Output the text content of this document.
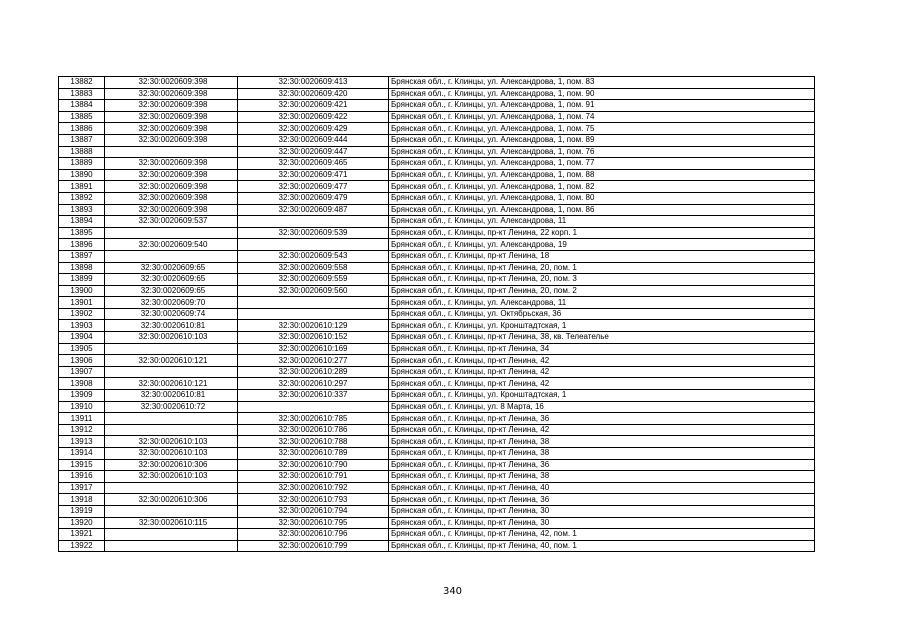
13882	32:30:0020609:398	32:30:0020609:413	Брянская обл., г. Клинцы, ул. Александрова, 1, пом. 83
13883	32:30:0020609:398	32:30:0020609:420	Брянская обл., г. Клинцы, ул. Александрова, 1, пом. 90
13884	32:30:0020609:398	32:30:0020609:421	Брянская обл., г. Клинцы, ул. Александрова, 1, пом. 91
13885	32:30:0020609:398	32:30:0020609:422	Брянская обл., г. Клинцы, ул. Александрова, 1, пом. 74
13886	32:30:0020609:398	32:30:0020609:429	Брянская обл., г. Клинцы, ул. Александрова, 1, пом. 75
13887	32:30:0020609:398	32:30:0020609:444	Брянская обл., г. Клинцы, ул. Александрова, 1, пом. 89
13888		32:30:0020609:447	Брянская обл., г. Клинцы, ул. Александрова, 1, пом. 76
13889	32:30:0020609:398	32:30:0020609:465	Брянская обл., г. Клинцы, ул. Александрова, 1, пом. 77
13890	32:30:0020609:398	32:30:0020609:471	Брянская обл., г. Клинцы, ул. Александрова, 1, пом. 88
13891	32:30:0020609:398	32:30:0020609:477	Брянская обл., г. Клинцы, ул. Александрова, 1, пом. 82
13892	32:30:0020609:398	32:30:0020609:479	Брянская обл., г. Клинцы, ул. Александрова, 1, пом. 80
13893	32:30:0020609:398	32:30:0020609:487	Брянская обл., г. Клинцы, ул. Александрова, 1, пом. 86
13894	32:30:0020609:537		Брянская обл., г. Клинцы, ул. Александрова, 11
13895		32:30:0020609:539	Брянская обл., г. Клинцы, пр-кт Ленина, 22 корп. 1
13896	32:30:0020609:540		Брянская обл., г. Клинцы, ул. Александрова, 19
13897		32:30:0020609:543	Брянская обл., г. Клинцы, пр-кт Ленина, 18
13898	32:30:0020609:65	32:30:0020609:558	Брянская обл., г. Клинцы, пр-кт Ленина, 20, пом. 1
13899	32:30:0020609:65	32:30:0020609:559	Брянская обл., г. Клинцы, пр-кт Ленина, 20, пом. 3
13900	32:30:0020609:65	32:30:0020609:560	Брянская обл., г. Клинцы, пр-кт Ленина, 20, пом. 2
13901	32:30:0020609:70		Брянская обл., г. Клинцы, ул. Александрова, 11
13902	32:30:0020609:74		Брянская обл., г. Клинцы, ул. Октябрьская, 36
13903	32:30:0020610:81	32:30:0020610:129	Брянская обл., г. Клинцы, ул. Кронштадтская, 1
13904	32:30:0020610:103	32:30:0020610:152	Брянская обл., г. Клинцы, пр-кт Ленина, 38, кв. Телеателье
13905		32:30:0020610:169	Брянская обл., г. Клинцы, пр-кт Ленина, 34
13906	32:30:0020610:121	32:30:0020610:277	Брянская обл., г. Клинцы, пр-кт Ленина, 42
13907		32:30:0020610:289	Брянская обл., г. Клинцы, пр-кт Ленина, 42
13908	32:30:0020610:121	32:30:0020610:297	Брянская обл., г. Клинцы, пр-кт Ленина, 42
13909	32:30:0020610:81	32:30:0020610:337	Брянская обл., г. Клинцы, ул. Кронштадтская, 1
13910	32:30:0020610:72		Брянская обл., г. Клинцы, ул. 8 Марта, 16
13911		32:30:0020610:785	Брянская обл., г. Клинцы, пр-кт Ленина, 36
13912		32:30:0020610:786	Брянская обл., г. Клинцы, пр-кт Ленина, 42
13913	32:30:0020610:103	32:30:0020610:788	Брянская обл., г. Клинцы, пр-кт Ленина, 38
13914	32:30:0020610:103	32:30:0020610:789	Брянская обл., г. Клинцы, пр-кт Ленина, 38
13915	32:30:0020610:306	32:30:0020610:790	Брянская обл., г. Клинцы, пр-кт Ленина, 36
13916	32:30:0020610:103	32:30:0020610:791	Брянская обл., г. Клинцы, пр-кт Ленина, 38
13917		32:30:0020610:792	Брянская обл., г. Клинцы, пр-кт Ленина, 40
13918	32:30:0020610:306	32:30:0020610:793	Брянская обл., г. Клинцы, пр-кт Ленина, 36
13919		32:30:0020610:794	Брянская обл., г. Клинцы, пр-кт Ленина, 30
13920	32:30:0020610:115	32:30:0020610:795	Брянская обл., г. Клинцы, пр-кт Ленина, 30
13921		32:30:0020610:796	Брянская обл., г. Клинцы, пр-кт Ленина, 42, пом. 1
13922		32:30:0020610:799	Брянская обл., г. Клинцы, пр-кт Ленина, 40, пом. 1
340
